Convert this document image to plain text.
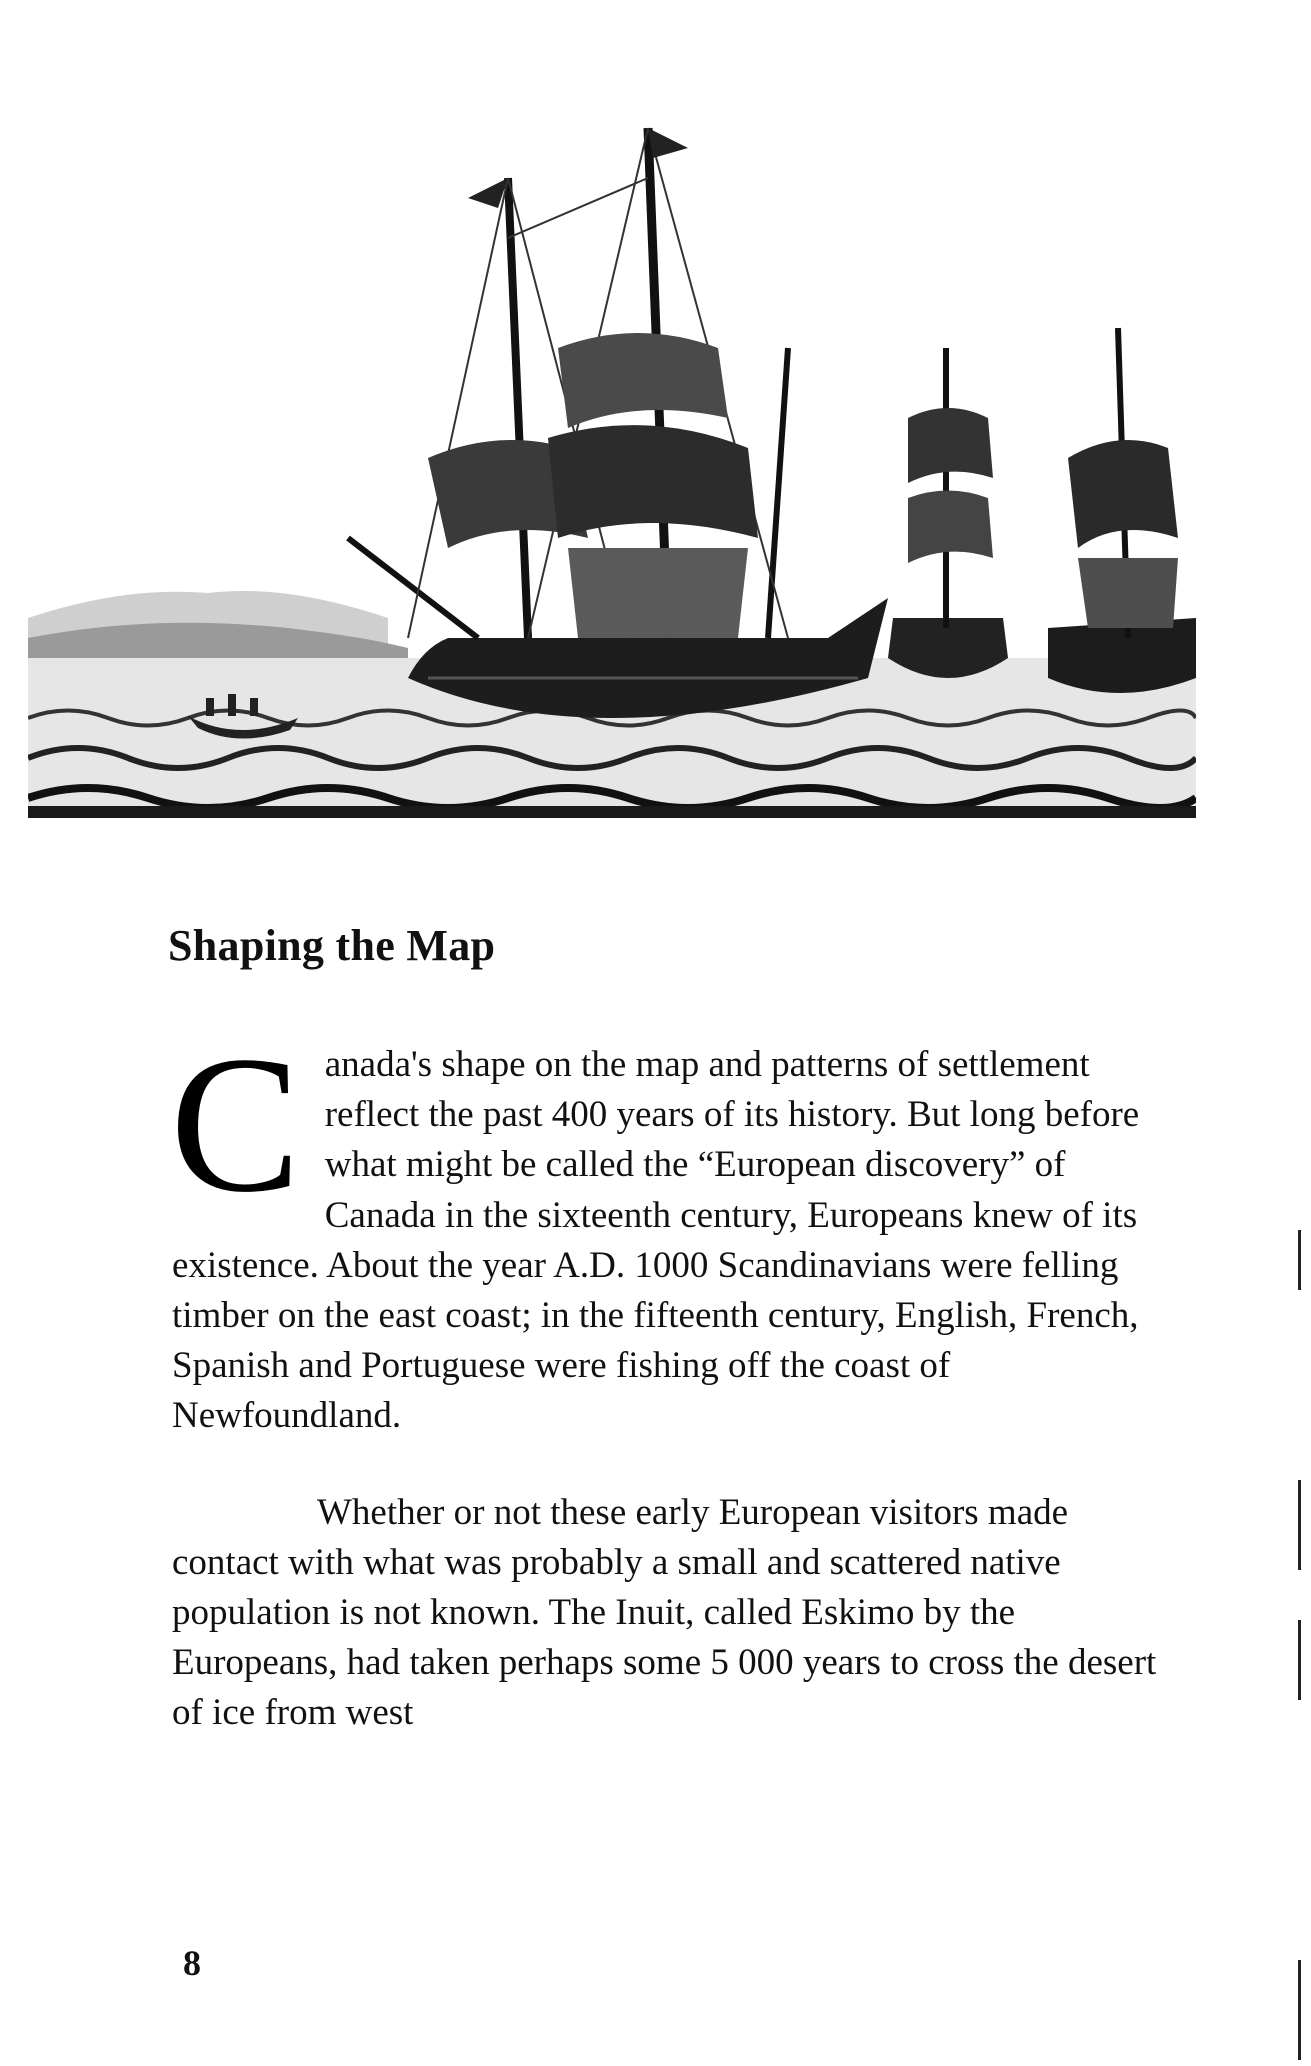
Shaping the Map

Canada's shape on the map and patterns of settlement reflect the past 400 years of its history. But long before what might be called the “European discovery” of Canada in the sixteenth century, Europeans knew of its existence. About the year A.D. 1000 Scandinavians were felling timber on the east coast; in the fifteenth century, English, French, Spanish and Portuguese were fishing off the coast of Newfoundland.

Whether or not these early European visitors made contact with what was probably a small and scattered native population is not known. The Inuit, called Eskimo by the Europeans, had taken perhaps some 5 000 years to cross the desert of ice from west

8
